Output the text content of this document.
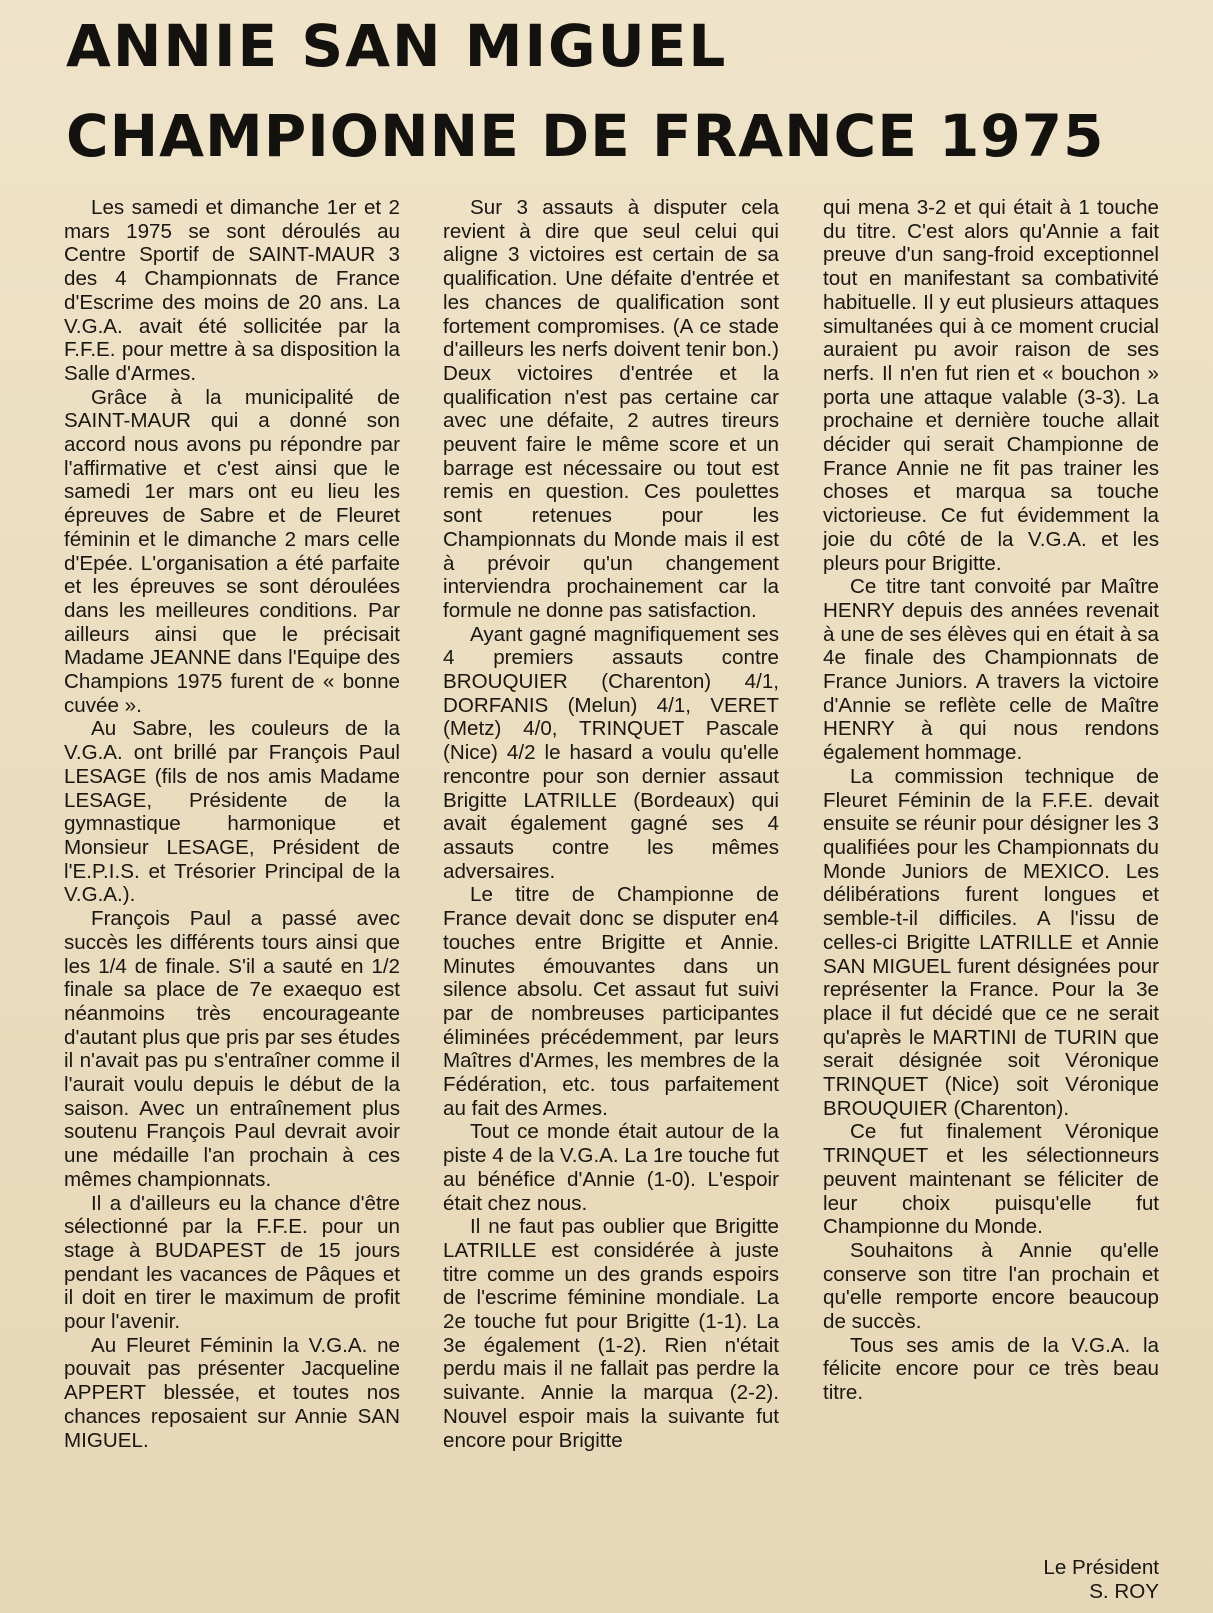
ANNIE SAN MIGUEL
CHAMPIONNE DE FRANCE 1975

Les samedi et dimanche 1er et 2 mars 1975 se sont déroulés au Centre Sportif de SAINT-MAUR 3 des 4 Championnats de France d'Escrime des moins de 20 ans. La V.G.A. avait été sollicitée par la F.F.E. pour mettre à sa disposition la Salle d'Armes.

Grâce à la municipalité de SAINT-MAUR qui a donné son accord nous avons pu répondre par l'affirmative et c'est ainsi que le samedi 1er mars ont eu lieu les épreuves de Sabre et de Fleuret féminin et le dimanche 2 mars celle d'Epée. L'organisation a été parfaite et les épreuves se sont déroulées dans les meilleures conditions. Par ailleurs ainsi que le précisait Madame JEANNE dans l'Equipe des Champions 1975 furent de « bonne cuvée ».

Au Sabre, les couleurs de la V.G.A. ont brillé par François Paul LESAGE (fils de nos amis Madame LESAGE, Présidente de la gymnastique harmonique et Monsieur LESAGE, Président de l'E.P.I.S. et Trésorier Principal de la V.G.A.).

François Paul a passé avec succès les différents tours ainsi que les 1/4 de finale. S'il a sauté en 1/2 finale sa place de 7e exaequo est néanmoins très encourageante d'autant plus que pris par ses études il n'avait pas pu s'entraîner comme il l'aurait voulu depuis le début de la saison. Avec un entraînement plus soutenu François Paul devrait avoir une médaille l'an prochain à ces mêmes championnats.

Il a d'ailleurs eu la chance d'être sélectionné par la F.F.E. pour un stage à BUDAPEST de 15 jours pendant les vacances de Pâques et il doit en tirer le maximum de profit pour l'avenir.

Au Fleuret Féminin la V.G.A. ne pouvait pas présenter Jacqueline APPERT blessée, et toutes nos chances reposaient sur Annie SAN MIGUEL.

Sur 3 assauts à disputer cela revient à dire que seul celui qui aligne 3 victoires est certain de sa qualification. Une défaite d'entrée et les chances de qualification sont fortement compromises. (A ce stade d'ailleurs les nerfs doivent tenir bon.) Deux victoires d'entrée et la qualification n'est pas certaine car avec une défaite, 2 autres tireurs peuvent faire le même score et un barrage est nécessaire ou tout est remis en question. Ces poulettes sont retenues pour les Championnats du Monde mais il est à prévoir qu'un changement interviendra prochainement car la formule ne donne pas satisfaction.

Ayant gagné magnifiquement ses 4 premiers assauts contre BROUQUIER (Charenton) 4/1, DORFANIS (Melun) 4/1, VERET (Metz) 4/0, TRINQUET Pascale (Nice) 4/2 le hasard a voulu qu'elle rencontre pour son dernier assaut Brigitte LATRILLE (Bordeaux) qui avait également gagné ses 4 assauts contre les mêmes adversaires.

Le titre de Championne de France devait donc se disputer en4 touches entre Brigitte et Annie. Minutes émouvantes dans un silence absolu. Cet assaut fut suivi par de nombreuses participantes éliminées précédemment, par leurs Maîtres d'Armes, les membres de la Fédération, etc. tous parfaitement au fait des Armes.

Tout ce monde était autour de la piste 4 de la V.G.A. La 1re touche fut au bénéfice d'Annie (1-0). L'espoir était chez nous.

Il ne faut pas oublier que Brigitte LATRILLE est considérée à juste titre comme un des grands espoirs de l'escrime féminine mondiale. La 2e touche fut pour Brigitte (1-1). La 3e également (1-2). Rien n'était perdu mais il ne fallait pas perdre la suivante. Annie la marqua (2-2). Nouvel espoir mais la suivante fut encore pour Brigitte

qui mena 3-2 et qui était à 1 touche du titre. C'est alors qu'Annie a fait preuve d'un sang-froid exceptionnel tout en manifestant sa combativité habituelle. Il y eut plusieurs attaques simultanées qui à ce moment crucial auraient pu avoir raison de ses nerfs. Il n'en fut rien et « bouchon » porta une attaque valable (3-3). La prochaine et dernière touche allait décider qui serait Championne de France Annie ne fit pas trainer les choses et marqua sa touche victorieuse. Ce fut évidemment la joie du côté de la V.G.A. et les pleurs pour Brigitte.

Ce titre tant convoité par Maître HENRY depuis des années revenait à une de ses élèves qui en était à sa 4e finale des Championnats de France Juniors. A travers la victoire d'Annie se reflète celle de Maître HENRY à qui nous rendons également hommage.

La commission technique de Fleuret Féminin de la F.F.E. devait ensuite se réunir pour désigner les 3 qualifiées pour les Championnats du Monde Juniors de MEXICO. Les délibérations furent longues et semble-t-il difficiles. A l'issu de celles-ci Brigitte LATRILLE et Annie SAN MIGUEL furent désignées pour représenter la France. Pour la 3e place il fut décidé que ce ne serait qu'après le MARTINI de TURIN que serait désignée soit Véronique TRINQUET (Nice) soit Véronique BROUQUIER (Charenton).

Ce fut finalement Véronique TRINQUET et les sélectionneurs peuvent maintenant se féliciter de leur choix puisqu'elle fut Championne du Monde.

Souhaitons à Annie qu'elle conserve son titre l'an prochain et qu'elle remporte encore beaucoup de succès.

Tous ses amis de la V.G.A. la félicite encore pour ce très beau titre.

Le Président
S. ROY
